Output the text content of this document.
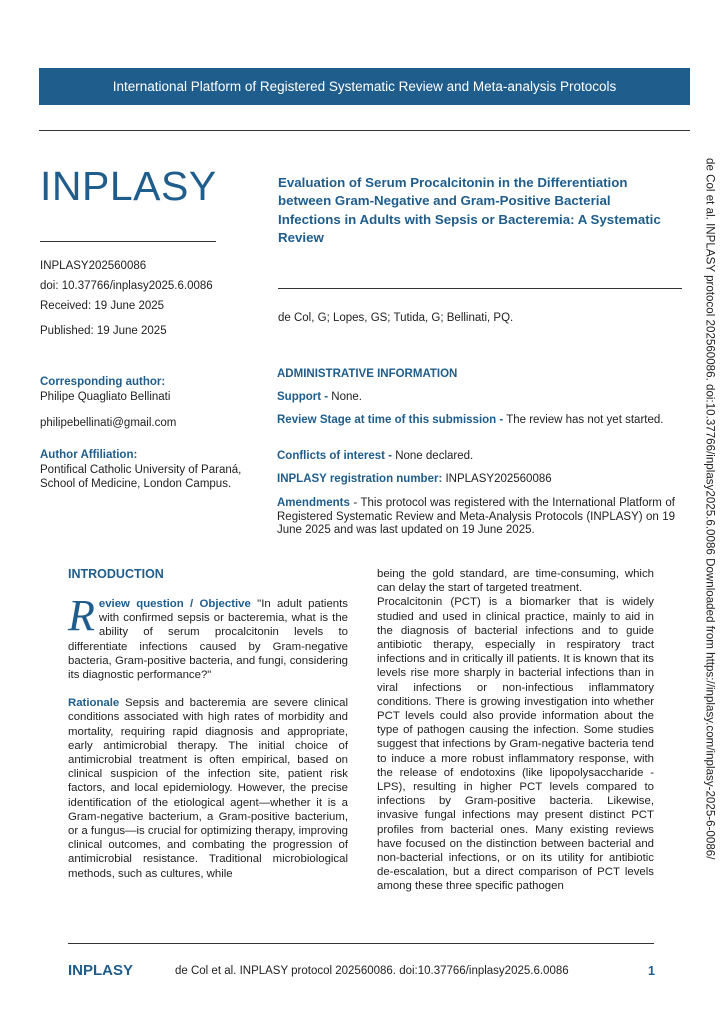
International Platform of Registered Systematic Review and Meta-analysis Protocols
INPLASY
INPLASY202560086
doi: 10.37766/inplasy2025.6.0086
Received: 19 June 2025
Published: 19 June 2025
Evaluation of Serum Procalcitonin in the Differentiation between Gram-Negative and Gram-Positive Bacterial Infections in Adults with Sepsis or Bacteremia: A Systematic Review
de Col, G; Lopes, GS; Tutida, G; Bellinati, PQ.
Corresponding author:
Philipe Quagliato Bellinati
philipebellinati@gmail.com
Author Affiliation:
Pontifical Catholic University of Paraná, School of Medicine, London Campus.
ADMINISTRATIVE INFORMATION
Support - None.
Review Stage at time of this submission - The review has not yet started.
Conflicts of interest - None declared.
INPLASY registration number: INPLASY202560086
Amendments - This protocol was registered with the International Platform of Registered Systematic Review and Meta-Analysis Protocols (INPLASY) on 19 June 2025 and was last updated on 19 June 2025.	de Col et al. INPLASY protocol 202560086. doi:10.37766/inplasy2025.6.0086 Downloaded from https://inplasy.com/inplasy-2025-6-0086/
INTRODUCTION

Review question / Objective "In adult patients with confirmed sepsis or bacteremia, what is the ability of serum procalcitonin levels to differentiate infections caused by Gram-negative bacteria, Gram-positive bacteria, and fungi, considering its diagnostic performance?"

Rationale Sepsis and bacteremia are severe clinical conditions associated with high rates of morbidity and mortality, requiring rapid diagnosis and appropriate, early antimicrobial therapy. The initial choice of antimicrobial treatment is often empirical, based on clinical suspicion of the infection site, patient risk factors, and local epidemiology. However, the precise identification of the etiological agent—whether it is a Gram-negative bacterium, a Gram-positive bacterium, or a fungus—is crucial for optimizing therapy, improving clinical outcomes, and combating the progression of antimicrobial resistance. Traditional microbiological methods, such as cultures, while

being the gold standard, are time-consuming, which can delay the start of targeted treatment.

Procalcitonin (PCT) is a biomarker that is widely studied and used in clinical practice, mainly to aid in the diagnosis of bacterial infections and to guide antibiotic therapy, especially in respiratory tract infections and in critically ill patients. It is known that its levels rise more sharply in bacterial infections than in viral infections or non-infectious inflammatory conditions. There is growing investigation into whether PCT levels could also provide information about the type of pathogen causing the infection. Some studies suggest that infections by Gram-negative bacteria tend to induce a more robust inflammatory response, with the release of endotoxins (like lipopolysaccharide - LPS), resulting in higher PCT levels compared to infections by Gram-positive bacteria. Likewise, invasive fungal infections may present distinct PCT profiles from bacterial ones. Many existing reviews have focused on the distinction between bacterial and non-bacterial infections, or on its utility for antibiotic de-escalation, but a direct comparison of PCT levels among these three specific pathogen

INPLASY	de Col et al. INPLASY protocol 202560086. doi:10.37766/inplasy2025.6.0086	1
